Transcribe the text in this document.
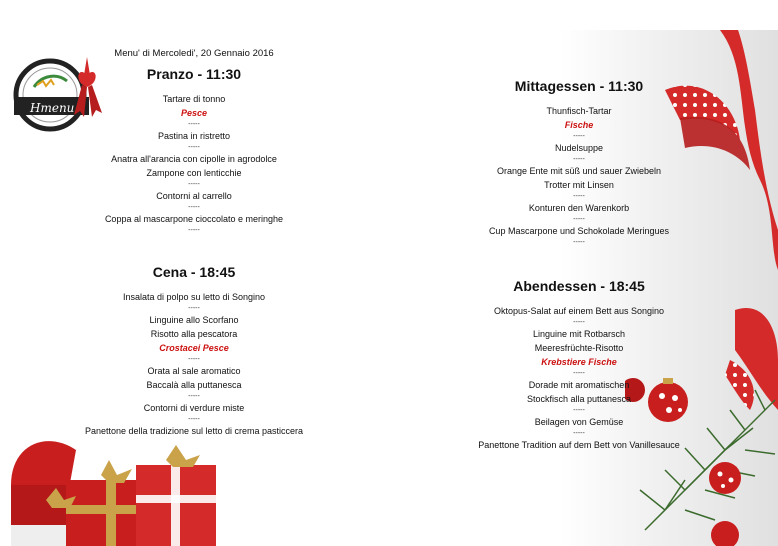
Hmenu
Menu' di Mercoledi', 20 Gennaio 2016
Pranzo - 11:30
Tartare di tonno
Pesce
-----
Pastina in ristretto
-----
Anatra all'arancia con cipolle in agrodolce
Zampone con lenticchie
-----
Contorni al carrello
-----
Coppa al mascarpone cioccolato e meringhe
-----
Cena - 18:45
Insalata di polpo su letto di Songino
-----
Linguine allo Scorfano
Risotto alla pescatora
Crostacei Pesce
-----
Orata al sale aromatico
Baccalà alla puttanesca
-----
Contorni di verdure miste
-----
Panettone della tradizione sul letto di crema pasticcera
Mittagessen - 11:30
Thunfisch-Tartar
Fische
-----
Nudelsuppe
-----
Orange Ente mit süß und sauer Zwiebeln
Trotter mit Linsen
-----
Konturen den Warenkorb
-----
Cup Mascarpone und Schokolade Meringues
-----
Abendessen - 18:45
Oktopus-Salat auf einem Bett aus Songino
-----
Linguine mit Rotbarsch
Meeresfrüchte-Risotto
Krebstiere Fische
-----
Dorade mit aromatischen
Stockfisch alla puttanesca
-----
Beilagen von Gemüse
-----
Panettone Tradition auf dem Bett von Vanillesauce
